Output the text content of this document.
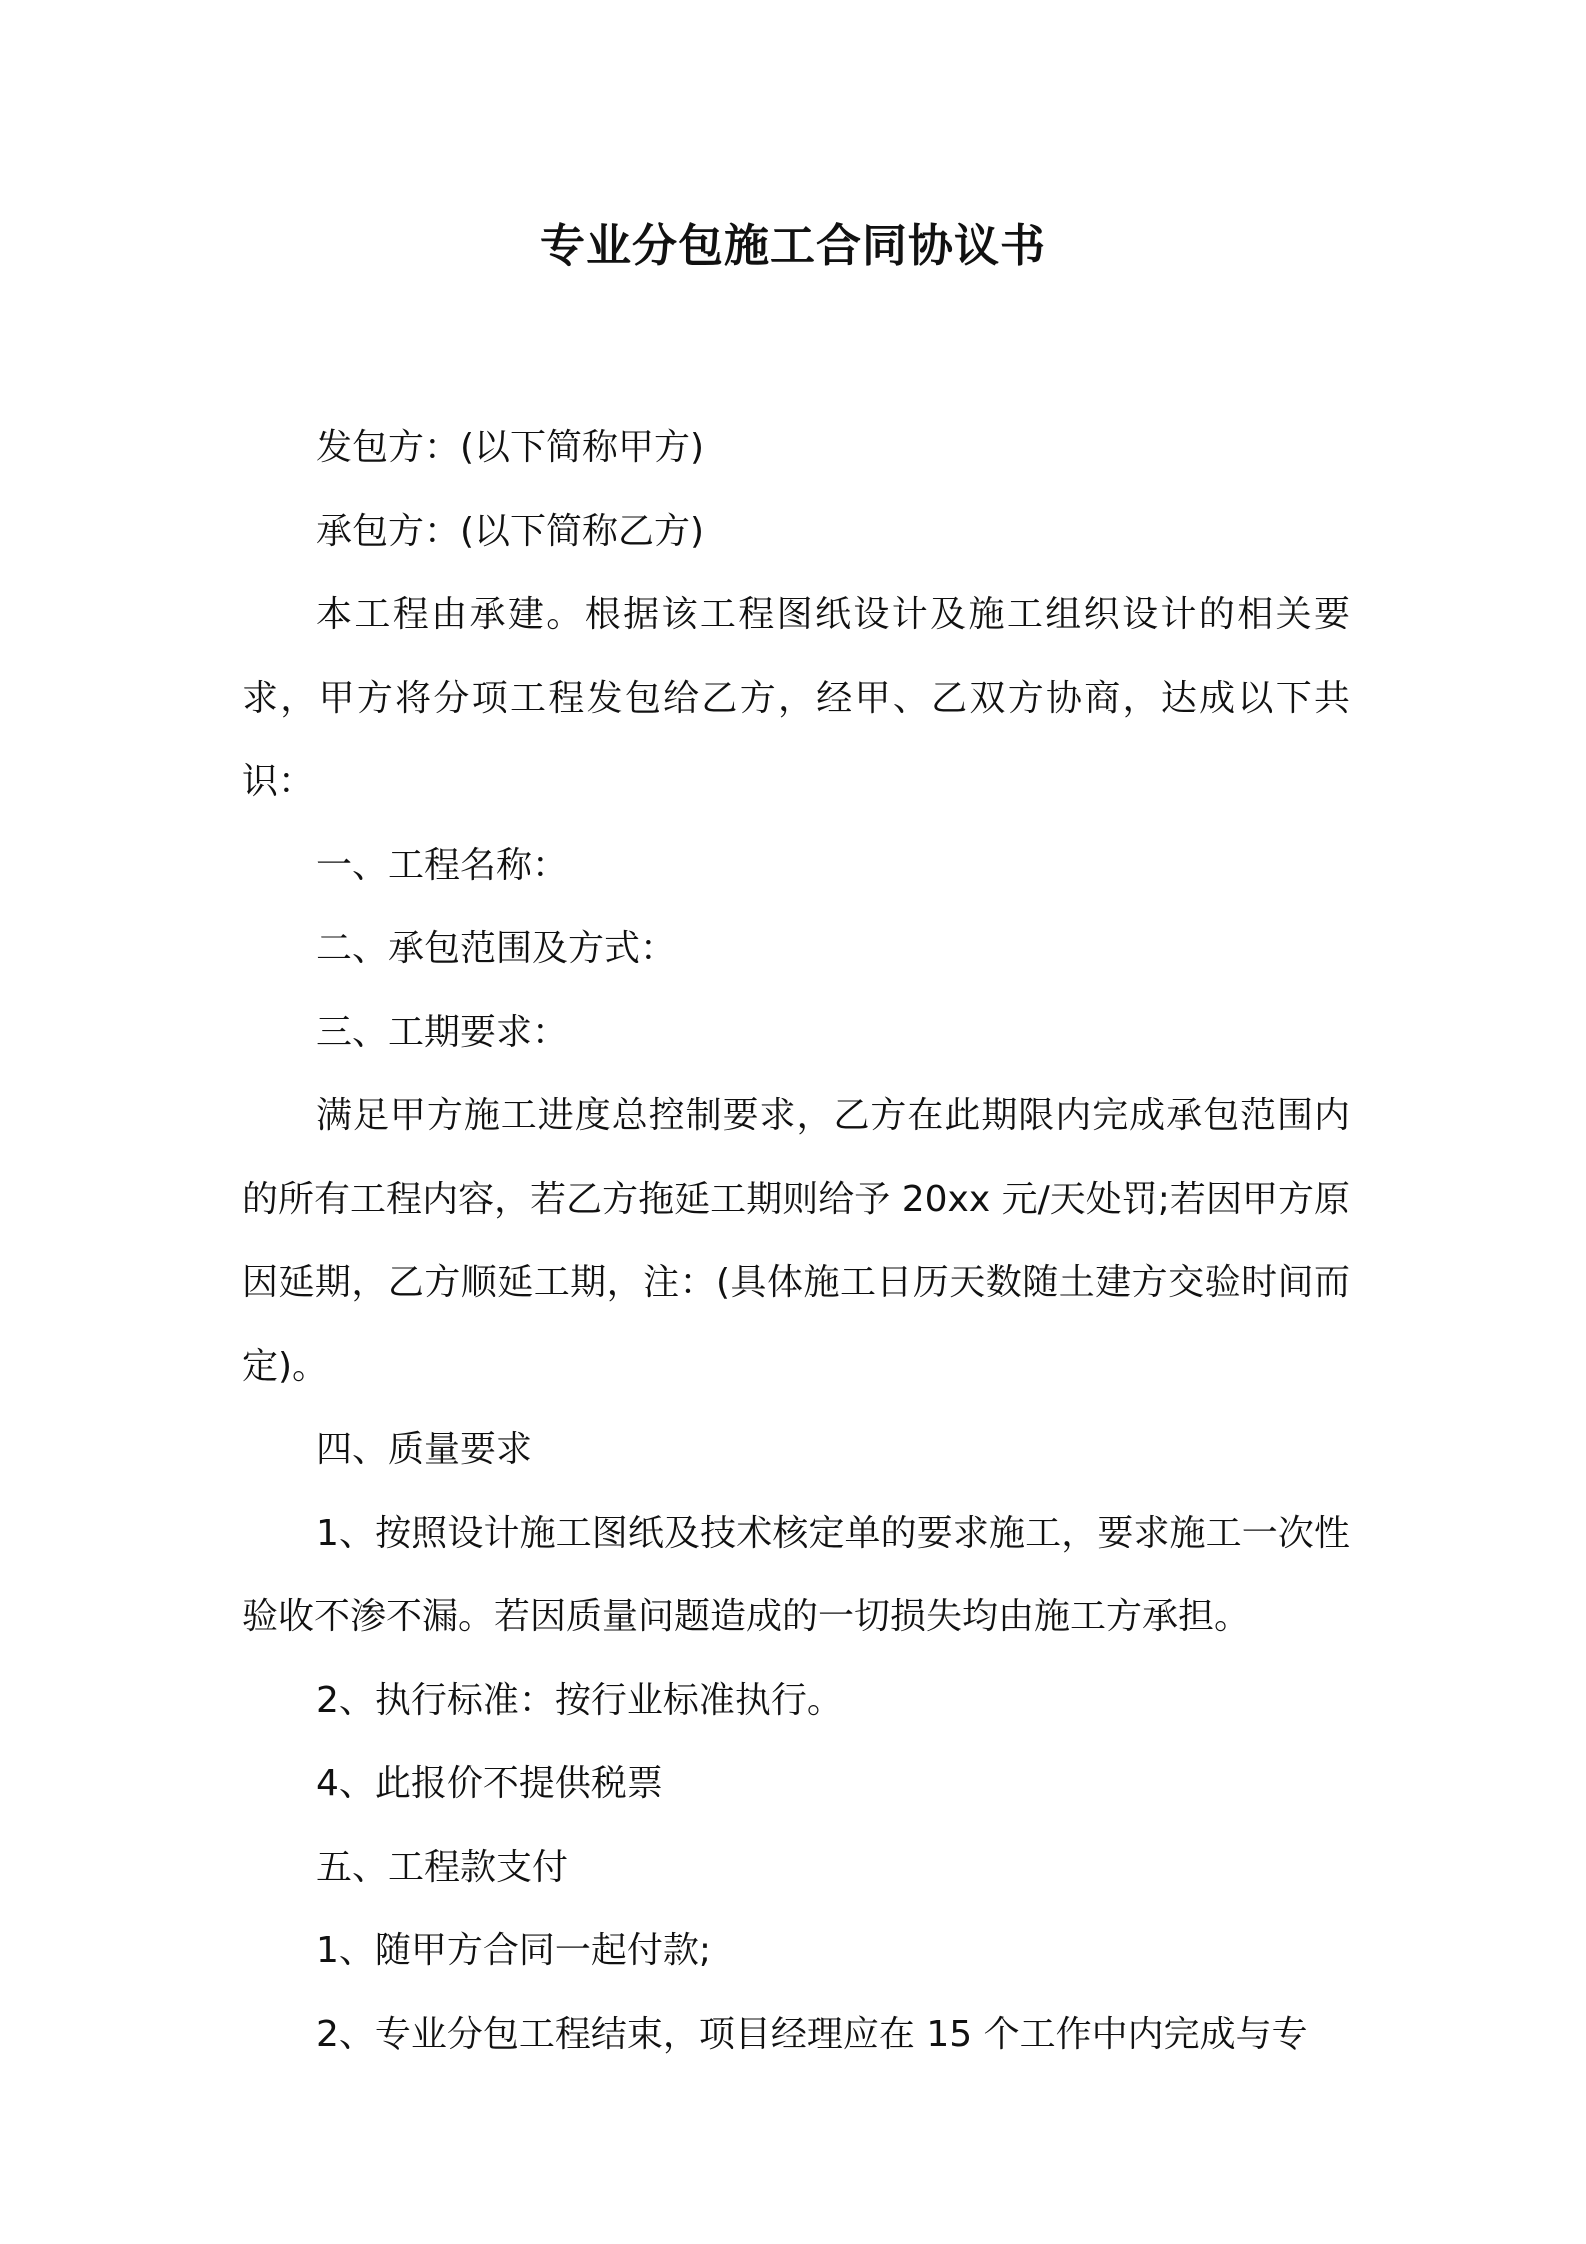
专业分包施工合同协议书

发包方：(以下简称甲方)

承包方：(以下简称乙方)

本工程由承建。根据该工程图纸设计及施工组织设计的相关要求，甲方将分项工程发包给乙方，经甲、乙双方协商，达成以下共识：

一、工程名称：

二、承包范围及方式：

三、工期要求：

满足甲方施工进度总控制要求，乙方在此期限内完成承包范围内的所有工程内容，若乙方拖延工期则给予 20xx 元/天处罚;若因甲方原因延期，乙方顺延工期，注：(具体施工日历天数随土建方交验时间而定)。

四、质量要求

1、按照设计施工图纸及技术核定单的要求施工，要求施工一次性验收不渗不漏。若因质量问题造成的一切损失均由施工方承担。

2、执行标准：按行业标准执行。

4、此报价不提供税票

五、工程款支付

1、随甲方合同一起付款;

2、专业分包工程结束，项目经理应在 15 个工作中内完成与专
